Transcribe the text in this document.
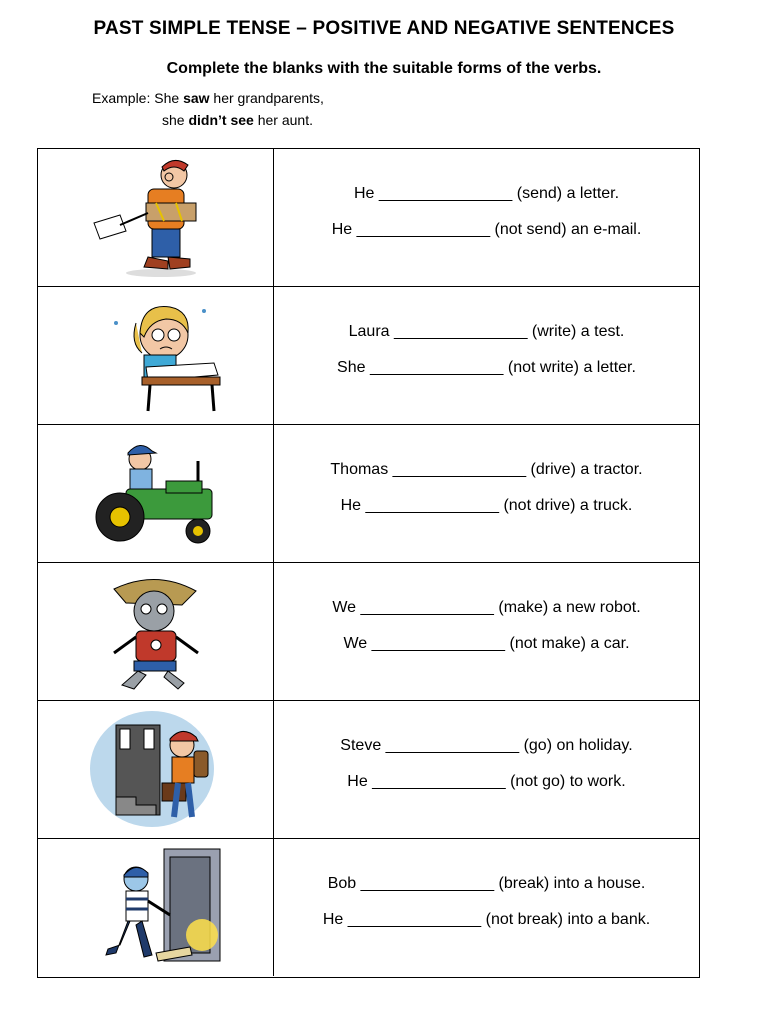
PAST SIMPLE TENSE – POSITIVE AND NEGATIVE SENTENCES
Complete the blanks with the suitable forms of the verbs.
Example: She saw her grandparents,
she didn’t see her aunt.

He _______________ (send) a letter.

He _______________ (not send) an e-mail.

Laura _______________ (write) a test.

She _______________ (not write) a letter.

Thomas _______________ (drive) a tractor.

He _______________ (not drive) a truck.

We _______________ (make) a new robot.

We _______________ (not make) a car.

Steve _______________ (go) on holiday.

He _______________ (not go) to work.

Bob _______________ (break) into a house.

He _______________ (not break) into a bank.
